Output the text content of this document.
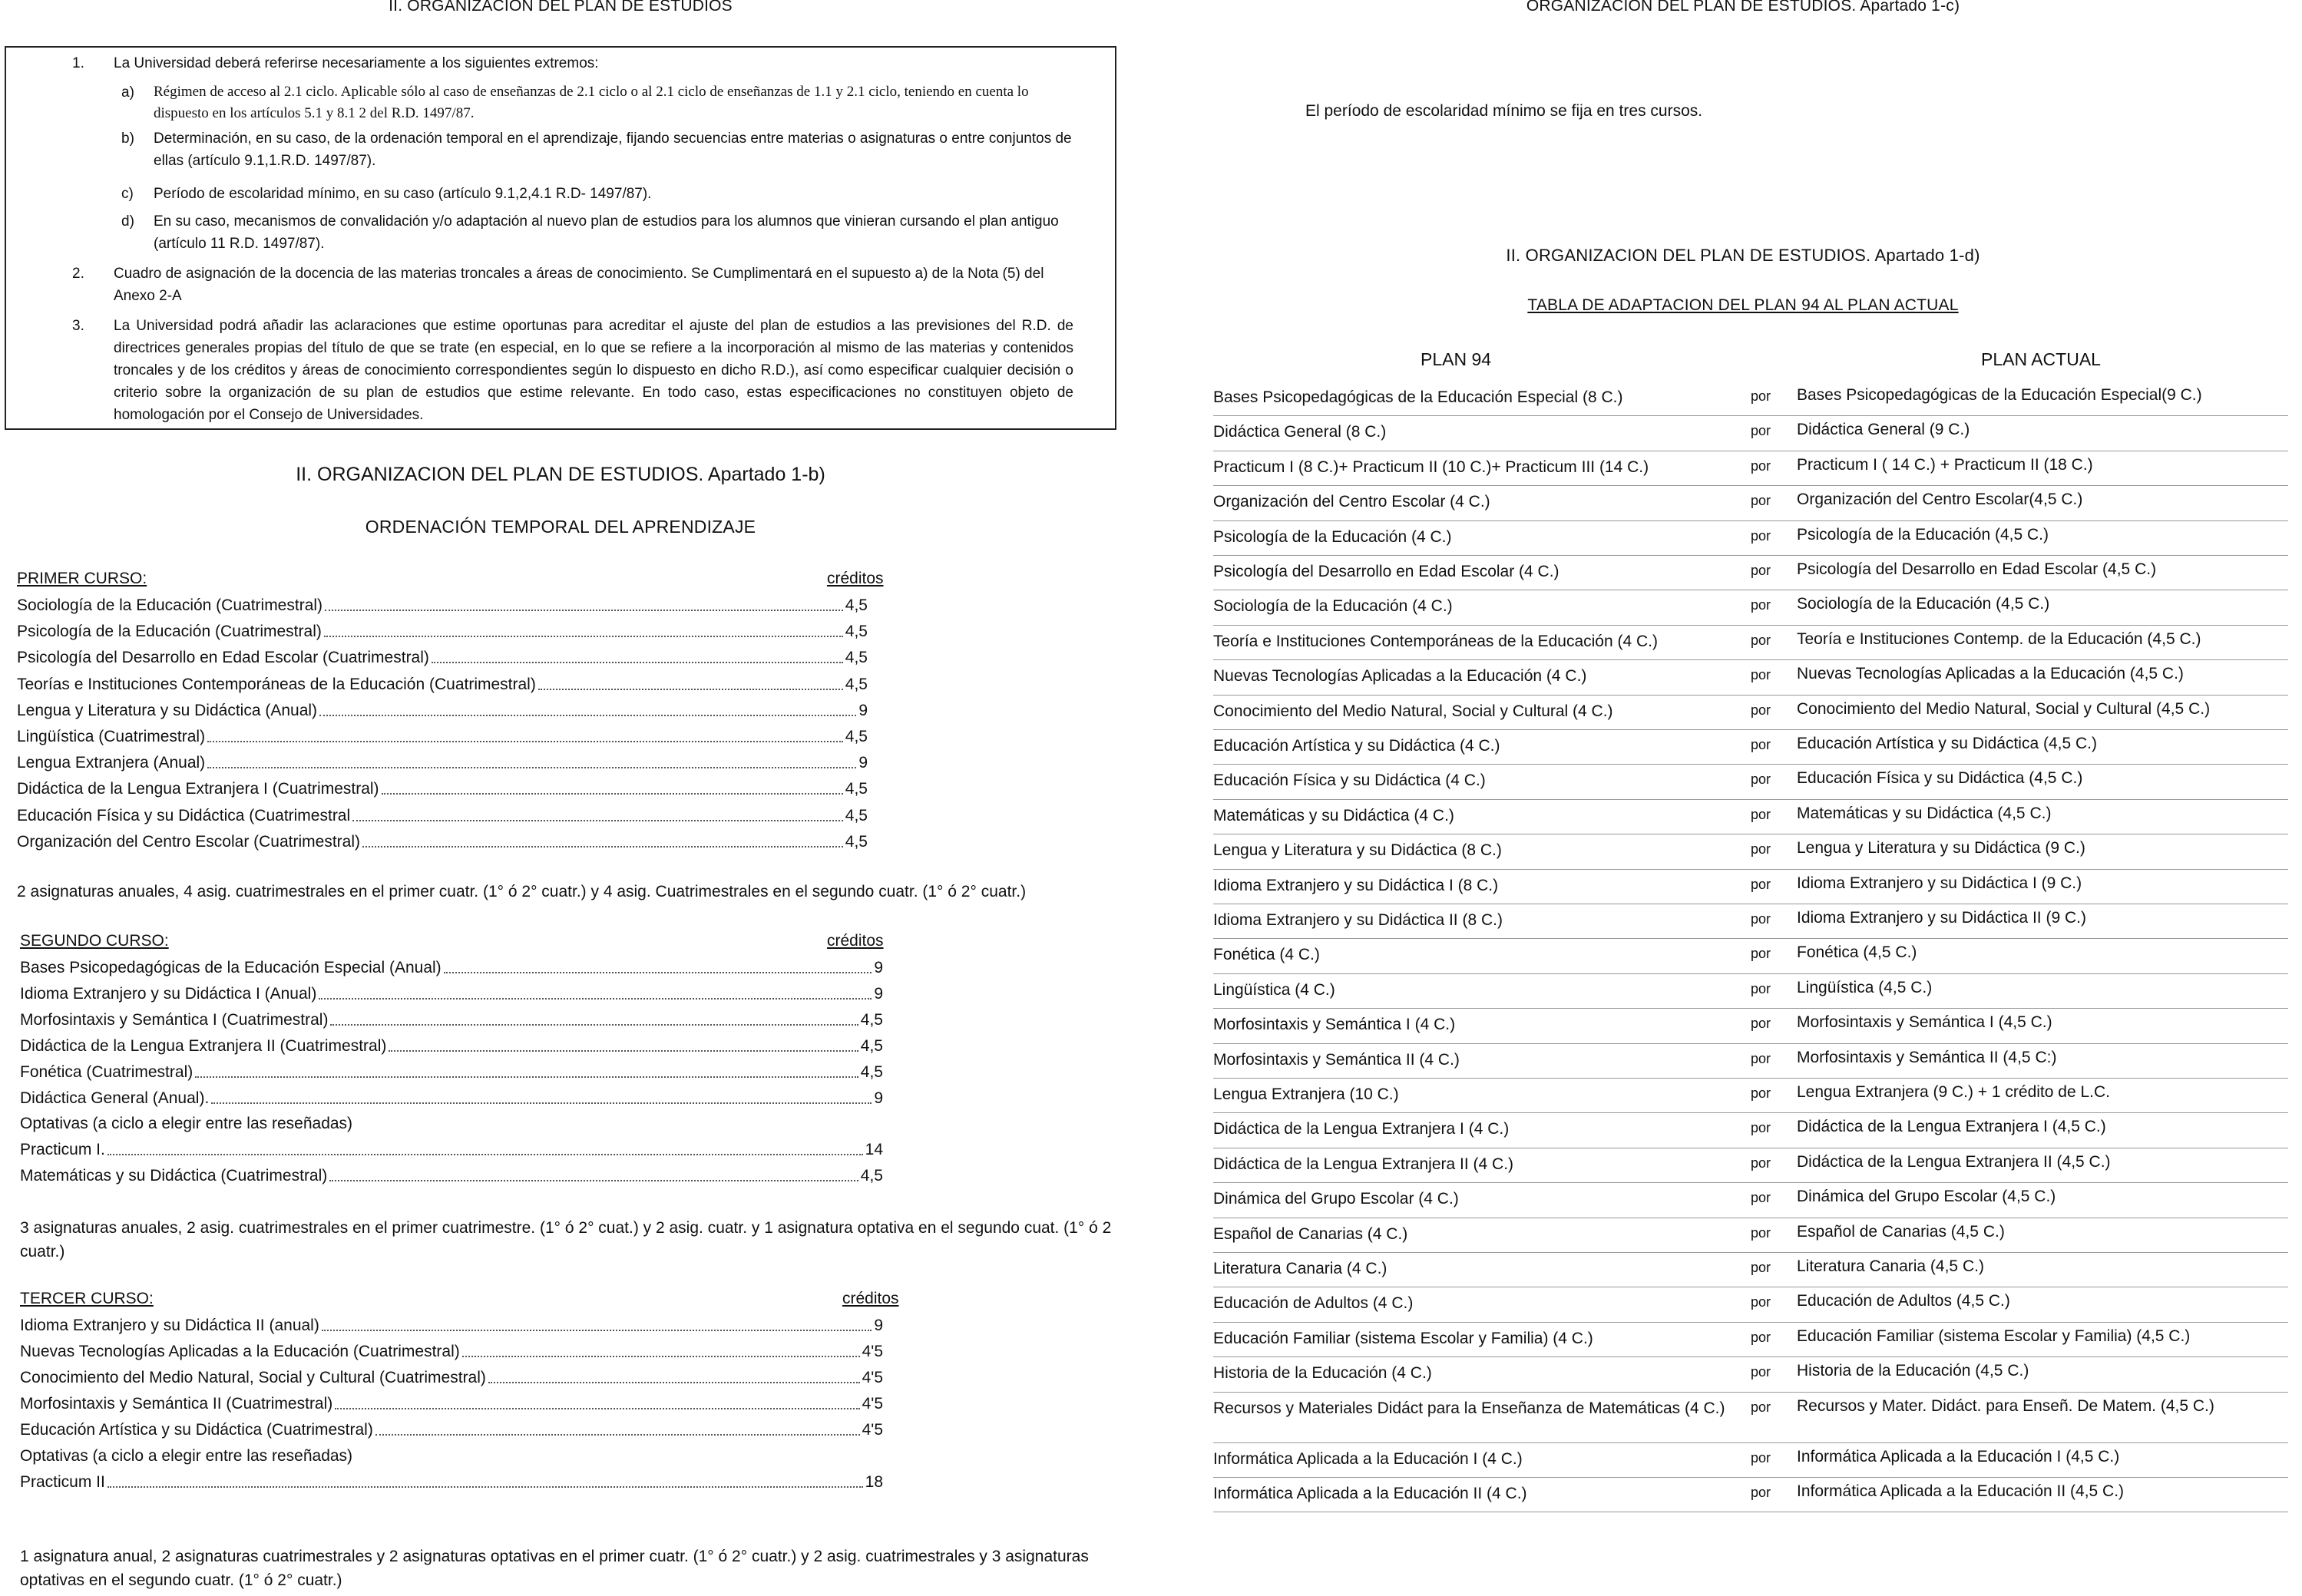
II. ORGANIZACION DEL PLAN DE ESTUDIOS
1. La Universidad deberá referirse necesariamente a los siguientes extremos:
a) Régimen de acceso al 2.1 ciclo. Aplicable sólo al caso de enseñanzas de 2.1 ciclo o al 2.1 ciclo de enseñanzas de 1.1 y 2.1 ciclo, teniendo en cuenta lo dispuesto en los artículos 5.1 y 8.1 2 del R.D. 1497/87.
b) Determinación, en su caso, de la ordenación temporal en el aprendizaje, fijando secuencias entre materias o asignaturas o entre conjuntos de ellas (artículo 9.1,1.R.D. 1497/87).
c) Período de escolaridad mínimo, en su caso (artículo 9.1,2,4.1 R.D- 1497/87).
d) En su caso, mecanismos de convalidación y/o adaptación al nuevo plan de estudios para los alumnos que vinieran cursando el plan antiguo (artículo 11 R.D. 1497/87).
2. Cuadro de asignación de la docencia de las materias troncales a áreas de conocimiento. Se Cumplimentará en el supuesto a) de la Nota (5) del Anexo 2-A
3. La Universidad podrá añadir las aclaraciones que estime oportunas para acreditar el ajuste del plan de estudios a las previsiones del R.D. de directrices generales propias del título de que se trate (en especial, en lo que se refiere a la incorporación al mismo de las materias y contenidos troncales y de los créditos y áreas de conocimiento correspondientes según lo dispuesto en dicho R.D.), así como especificar cualquier decisión o criterio sobre la organización de su plan de estudios que estime relevante. En todo caso, estas especificaciones no constituyen objeto de homologación por el Consejo de Universidades.
II. ORGANIZACION DEL PLAN DE ESTUDIOS. Apartado 1-b)
ORDENACIÓN TEMPORAL DEL APRENDIZAJE
PRIMER CURSO:	créditos
Sociología de la Educación (Cuatrimestral)	4,5
Psicología de la Educación (Cuatrimestral)	4,5
Psicología del Desarrollo en Edad Escolar (Cuatrimestral)	4,5
Teorías e Instituciones Contemporáneas de la Educación (Cuatrimestral)	4,5
Lengua y Literatura y su Didáctica (Anual)	9
Lingüística (Cuatrimestral)	4,5
Lengua Extranjera (Anual)	9
Didáctica de la Lengua Extranjera I (Cuatrimestral)	4,5
Educación Física y su Didáctica (Cuatrimestral	4,5
Organización del Centro Escolar (Cuatrimestral)	4,5
2 asignaturas anuales, 4 asig. cuatrimestrales en el primer cuatr. (1° ó 2° cuatr.) y 4 asig. Cuatrimestrales en el segundo cuatr. (1° ó 2° cuatr.)
SEGUNDO CURSO:	créditos
Bases Psicopedagógicas de la Educación Especial (Anual)	9
Idioma Extranjero y su Didáctica I (Anual)	9
Morfosintaxis y Semántica I (Cuatrimestral)	4,5
Didáctica de la Lengua Extranjera II (Cuatrimestral)	4,5
Fonética (Cuatrimestral)	4,5
Didáctica General (Anual).	9
Optativas (a ciclo a elegir entre las reseñadas)
Practicum I.	14
Matemáticas y su Didáctica (Cuatrimestral)	4,5
3 asignaturas anuales, 2 asig. cuatrimestrales en el primer cuatrimestre. (1° ó 2° cuat.) y 2 asig. cuatr. y 1 asignatura optativa en el segundo cuat. (1° ó 2 cuatr.)
TERCER CURSO:	créditos
Idioma Extranjero y su Didáctica II (anual)	9
Nuevas Tecnologías Aplicadas a la Educación (Cuatrimestral)	4'5
Conocimiento del Medio Natural, Social y Cultural (Cuatrimestral)	4'5
Morfosintaxis y Semántica II (Cuatrimestral)	4'5
Educación Artística y su Didáctica (Cuatrimestral)	4'5
Optativas (a ciclo a elegir entre las reseñadas)
Practicum II	18
1 asignatura anual, 2 asignaturas cuatrimestrales y 2 asignaturas optativas en el primer cuatr. (1° ó 2° cuatr.) y 2 asig. cuatrimestrales y 3 asignaturas optativas en el segundo cuatr. (1° ó 2° cuatr.)
ORGANIZACION DEL PLAN DE ESTUDIOS. Apartado 1-c)
El período de escolaridad mínimo se fija en tres cursos.
II. ORGANIZACION DEL PLAN DE ESTUDIOS. Apartado 1-d)
TABLA DE ADAPTACION DEL PLAN 94 AL PLAN ACTUAL
PLAN 94	PLAN ACTUAL
Bases Psicopedagógicas de la Educación Especial (8 C.)	por Bases Psicopedagógicas de la Educación Especial(9 C.)
Didáctica General (8 C.)	por Didáctica General (9 C.)
Practicum I (8 C.)+ Practicum II (10 C.)+ Practicum III (14 C.)	por Practicum I ( 14 C.) + Practicum II (18 C.)
Organización del Centro Escolar (4 C.)	por Organización del Centro Escolar(4,5 C.)
Psicología de la Educación (4 C.)	por Psicología de la Educación (4,5 C.)
Psicología del Desarrollo en Edad Escolar (4 C.)	por Psicología del Desarrollo en Edad Escolar (4,5 C.)
Sociología de la Educación (4 C.)	por Sociología de la Educación (4,5 C.)
Teoría e Instituciones Contemporáneas de la Educación (4 C.)	por Teoría e Instituciones Contemp. de la Educación (4,5 C.)
Nuevas Tecnologías Aplicadas a la Educación (4 C.)	por Nuevas Tecnologías Aplicadas a la Educación (4,5 C.)
Conocimiento del Medio Natural, Social y Cultural (4 C.)	por Conocimiento del Medio Natural, Social y Cultural (4,5 C.)
Educación Artística y su Didáctica (4 C.)	por Educación Artística y su Didáctica (4,5 C.)
Educación Física y su Didáctica (4 C.)	por Educación Física y su Didáctica (4,5 C.)
Matemáticas y su Didáctica (4 C.)	por Matemáticas y su Didáctica (4,5 C.)
Lengua y Literatura y su Didáctica (8 C.)	por Lengua y Literatura y su Didáctica (9 C.)
Idioma Extranjero y su Didáctica I (8 C.)	por Idioma Extranjero y su Didáctica I (9 C.)
Idioma Extranjero y su Didáctica II (8 C.)	por Idioma Extranjero y su Didáctica II (9 C.)
Fonética (4 C.)	por Fonética (4,5 C.)
Lingüística (4 C.)	por Lingüística (4,5 C.)
Morfosintaxis y Semántica I (4 C.)	por Morfosintaxis y Semántica I (4,5 C.)
Morfosintaxis y Semántica II (4 C.)	por Morfosintaxis y Semántica II (4,5 C:)
Lengua Extranjera (10 C.)	por Lengua Extranjera (9 C.) + 1 crédito de L.C.
Didáctica de la Lengua Extranjera I (4 C.)	por Didáctica de la Lengua Extranjera I (4,5 C.)
Didáctica de la Lengua Extranjera II (4 C.)	por Didáctica de la Lengua Extranjera II (4,5 C.)
Dinámica del Grupo Escolar (4 C.)	por Dinámica del Grupo Escolar (4,5 C.)
Español de Canarias (4 C.)	por Español de Canarias (4,5 C.)
Literatura Canaria (4 C.)	por Literatura Canaria (4,5 C.)
Educación de Adultos (4 C.)	por Educación de Adultos (4,5 C.)
Educación Familiar (sistema Escolar y Familia) (4 C.)	por Educación Familiar (sistema Escolar y Familia) (4,5 C.)
Historia de la Educación (4 C.)	por Historia de la Educación (4,5 C.)
Recursos y Materiales Didáct para la Enseñanza de Matemáticas (4 C.)	por Recursos y Mater. Didáct. para Enseñ. De Matem. (4,5 C.)
Informática Aplicada a la Educación I (4 C.)	por Informática Aplicada a la Educación I (4,5 C.)
Informática Aplicada a la Educación II (4 C.)	por Informática Aplicada a la Educación II (4,5 C.)
